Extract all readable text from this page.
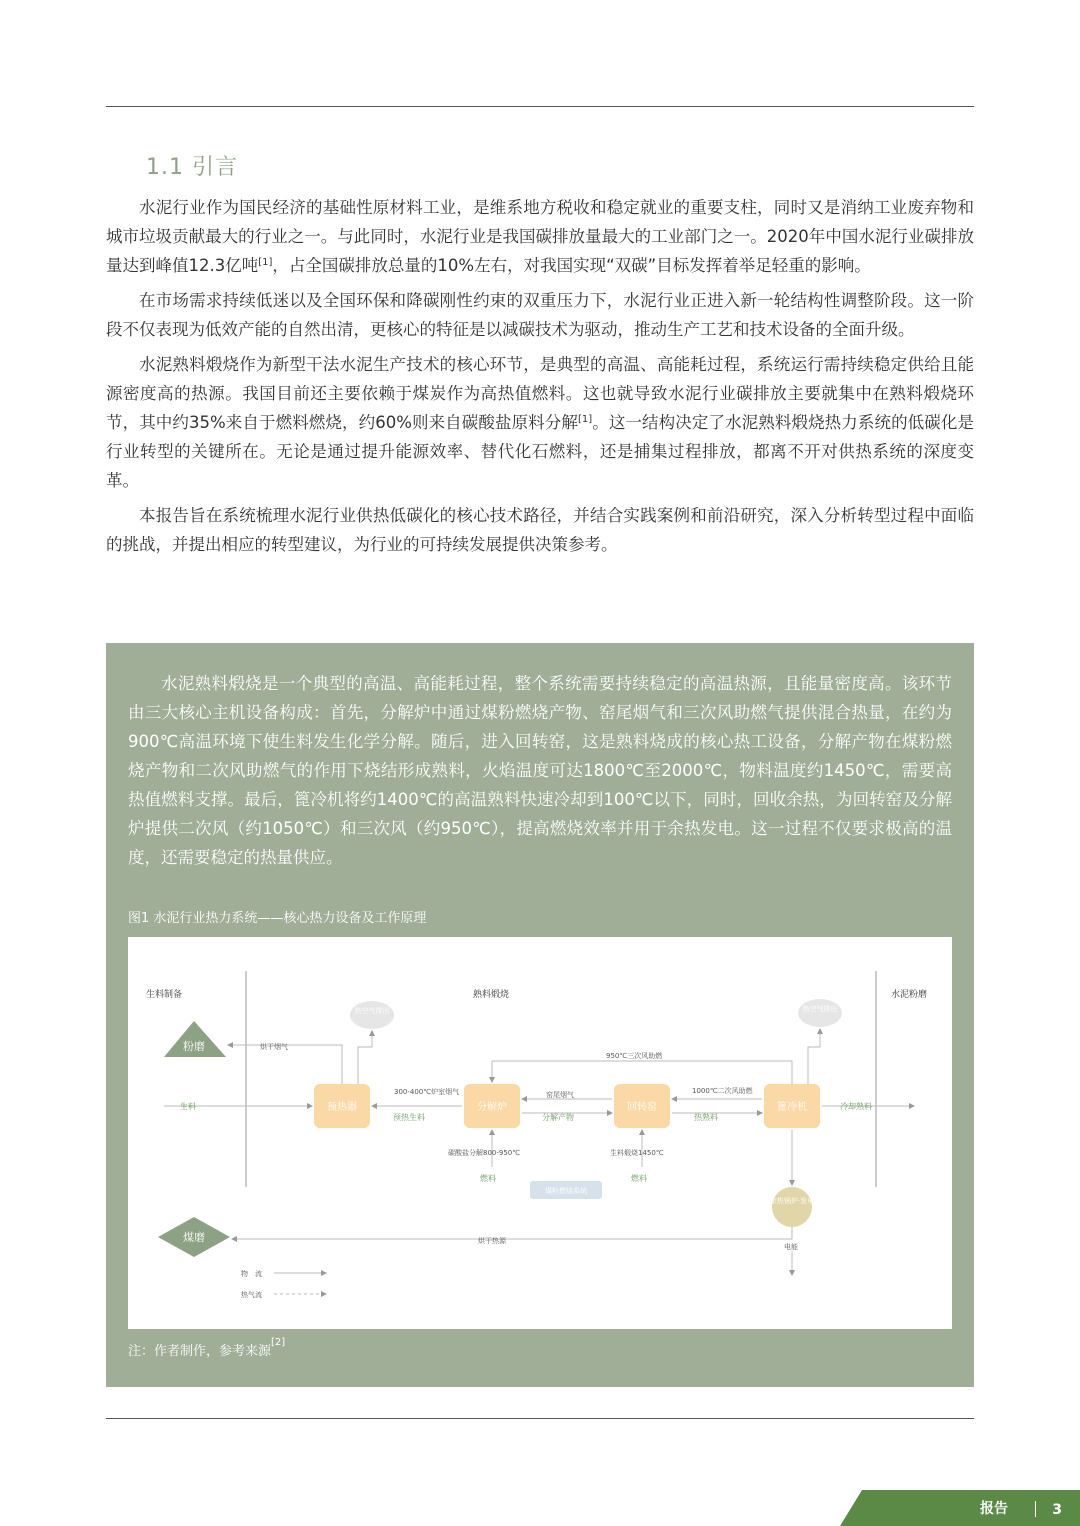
1.1 引言

水泥行业作为国民经济的基础性原材料工业，是维系地方税收和稳定就业的重要支柱，同时又是消纳工业废弃物和城市垃圾贡献最大的行业之一。与此同时，水泥行业是我国碳排放量最大的工业部门之一。2020年中国水泥行业碳排放量达到峰值12.3亿吨[1]，占全国碳排放总量的10%左右，对我国实现“双碳”目标发挥着举足轻重的影响。

在市场需求持续低迷以及全国环保和降碳刚性约束的双重压力下，水泥行业正进入新一轮结构性调整阶段。这一阶段不仅表现为低效产能的自然出清，更核心的特征是以减碳技术为驱动，推动生产工艺和技术设备的全面升级。

水泥熟料煅烧作为新型干法水泥生产技术的核心环节，是典型的高温、高能耗过程，系统运行需持续稳定供给且能源密度高的热源。我国目前还主要依赖于煤炭作为高热值燃料。这也就导致水泥行业碳排放主要就集中在熟料煅烧环节，其中约35%来自于燃料燃烧，约60%则来自碳酸盐原料分解[1]。这一结构决定了水泥熟料煅烧热力系统的低碳化是行业转型的关键所在。无论是通过提升能源效率、替代化石燃料，还是捕集过程排放，都离不开对供热系统的深度变革。

本报告旨在系统梳理水泥行业供热低碳化的核心技术路径，并结合实践案例和前沿研究，深入分析转型过程中面临的挑战，并提出相应的转型建议，为行业的可持续发展提供决策参考。

水泥熟料煅烧是一个典型的高温、高能耗过程，整个系统需要持续稳定的高温热源，且能量密度高。该环节由三大核心主机设备构成：首先，分解炉中通过煤粉燃烧产物、窑尾烟气和三次风助燃气提供混合热量，在约为900℃高温环境下使生料发生化学分解。随后，进入回转窑，这是熟料烧成的核心热工设备，分解产物在煤粉燃烧产物和二次风助燃气的作用下烧结形成熟料，火焰温度可达1800℃至2000℃，物料温度约1450℃，需要高热值燃料支撑。最后，篦冷机将约1400℃的高温熟料快速冷却到100℃以下，同时，回收余热，为回转窑及分解炉提供二次风（约1050℃）和三次风（约950℃），提高燃烧效率并用于余热发电。这一过程不仅要求极高的温度，还需要稳定的热量供应。
图1 水泥行业热力系统——核心热力设备及工作原理
生料制备	熟料煅烧	水泥粉磨
热空气排出	热空气排出
粉磨
煤磨
预热器	分解炉	回转窑	篦冷机
余热锅炉·发电
煤粉燃烧系统
生料
烘干烟气
300-400℃炉室烟气
预热生料
窑尾烟气
分解产物
1000℃二次风助燃
热熟料
冷却熟料
950℃三次风助燃
碳酸盐分解800-950℃
燃料
生料煅烧1450℃
燃料
烘干热源
电能
物　流
热气流
注：作者制作，参考来源[2]
报告	3
